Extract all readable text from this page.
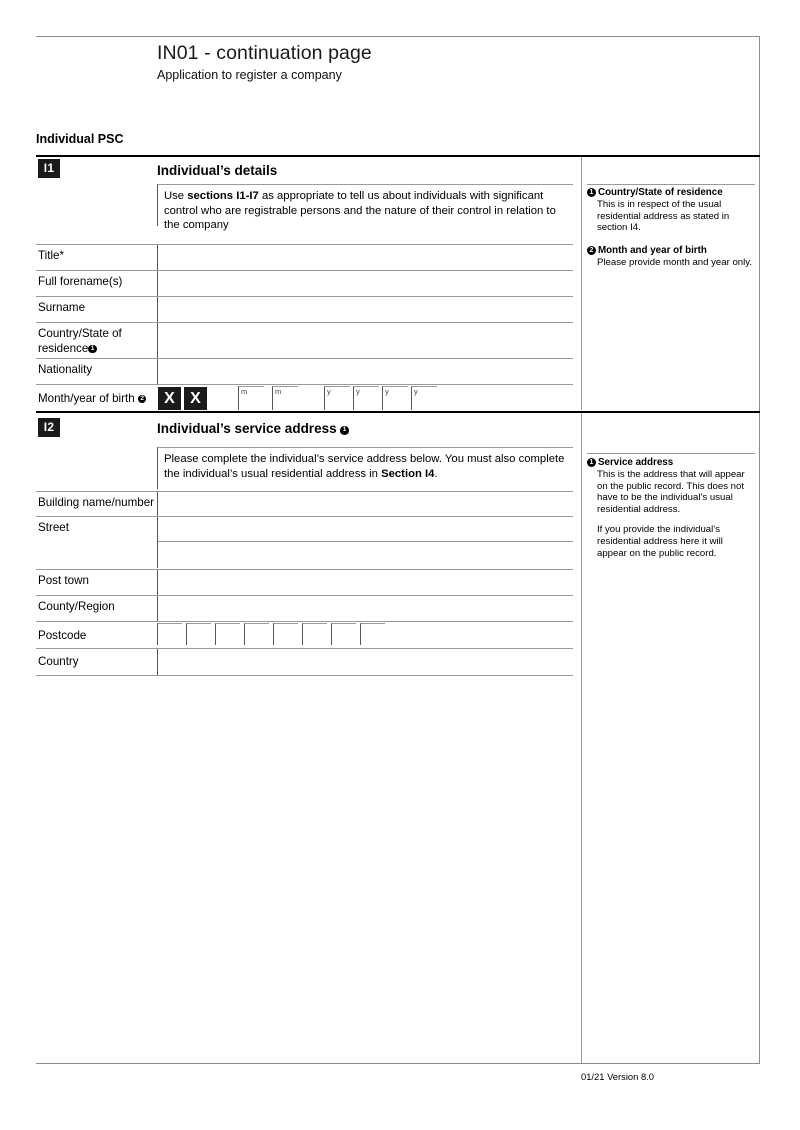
IN01 - continuation page
Application to register a company
Individual PSC
I1	Individual’s details
Use sections I1-I7 as appropriate to tell us about individuals with significant control who are registrable persons and the nature of their control in relation to the company
1 Country/State of residence
This is in respect of the usual residential address as stated in section I4.
2 Month and year of birth
Please provide month and year only.
Title*
Full forename(s)
Surname
Country/State of residence 1
Nationality
Month/year of birth 2	X X	m	m	y	y	y	y
I2	Individual’s service address 1
Please complete the individual’s service address below. You must also complete the individual’s usual residential address in Section I4.
1 Service address
This is the address that will appear on the public record. This does not have to be the individual’s usual residential address.
If you provide the individual’s residential address here it will appear on the public record.
Building name/number
Street
Post town
County/Region
Postcode
Country
01/21 Version 8.0
